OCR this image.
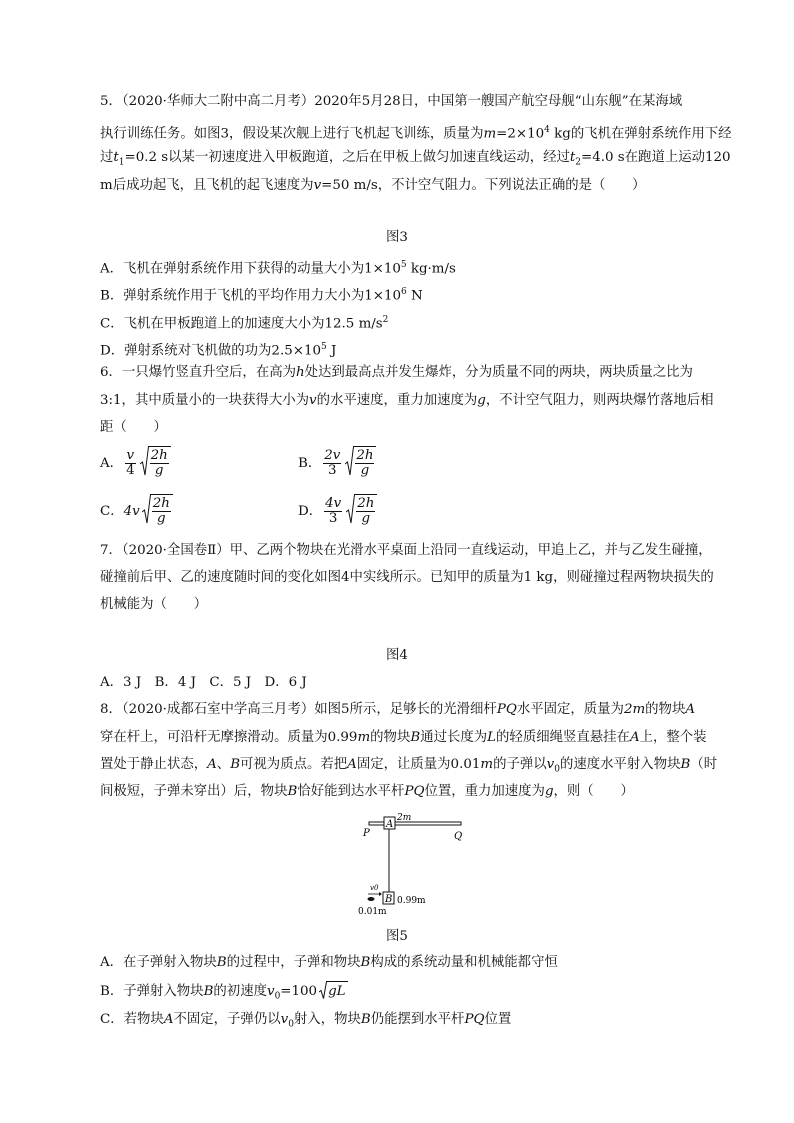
5．（2020·华师大二附中高二月考）2020年5月28日，中国第一艘国产航空母舰“山东舰”在某海域
执行训练任务。如图3，假设某次舰上进行飞机起飞训练，质量为$m=2\times 10^4$ kg的飞机在弹射系统作用下经
过$t_1=0.2$ s以某一初速度进入甲板跑道，之后在甲板上做匀加速直线运动，经过$t_2=4.0$ s在跑道上运动120
m后成功起飞，且飞机的起飞速度为v=50 m/s，不计空气阻力。下列说法正确的是（　　）
图3
A．飞机在弹射系统作用下获得的动量大小为$1\times 10^5$ kg·m/s
B．弹射系统作用于飞机的平均作用力大小为$1\times 10^6$ N
C．飞机在甲板跑道上的加速度大小为12.5 $m/s^2$
D．弹射系统对飞机做的功为$2.5\times 10^5$ J
6．一只爆竹竖直升空后，在高为h处达到最高点并发生爆炸，分为质量不同的两块，两块质量之比为
3:1，其中质量小的一块获得大小为v的水平速度，重力加速度为g，不计空气阻力，则两块爆竹落地后相
距（　　）
A． $\frac{v}{4} \frac{2h}{g}$	B． $\frac{2v}{3} \frac{2h}{g}$
C．$4v \frac{2h}{g}$	D． $\frac{4v}{3} \frac{2h}{g}$
7．（2020·全国卷Ⅱ）甲、乙两个物块在光滑水平桌面上沿同一直线运动，甲追上乙，并与乙发生碰撞，
碰撞前后甲、乙的速度随时间的变化如图4中实线所示。已知甲的质量为1 kg，则碰撞过程两物块损失的
机械能为（　　）
图4
A．3 J　B．4 J　C．5 J　D．6 J
8．（2020·成都石室中学高三月考）如图5所示，足够长的光滑细杆PQ水平固定，质量为2m的物块A
穿在杆上，可沿杆无摩擦滑动。质量为0.99m的物块B通过长度为L的轻质细绳竖直悬挂在A上，整个装
置处于静止状态，A、B可视为质点。若把A固定，让质量为0.01m的子弹以$v_0$的速度水平射入物块B（时
间极短，子弹未穿出）后，物块B恰好能到达水平杆PQ位置，重力加速度为g，则（　　）
P	Q
2m
A
B 0.99m
v0
0.01m
图5
A．在子弹射入物块B的过程中，子弹和物块B构成的系统动量和机械能都守恒
B．子弹射入物块B的初速度$v_0=100$ gL
C．若物块A不固定，子弹仍以$v_0$射入，物块B仍能摆到水平杆PQ位置
